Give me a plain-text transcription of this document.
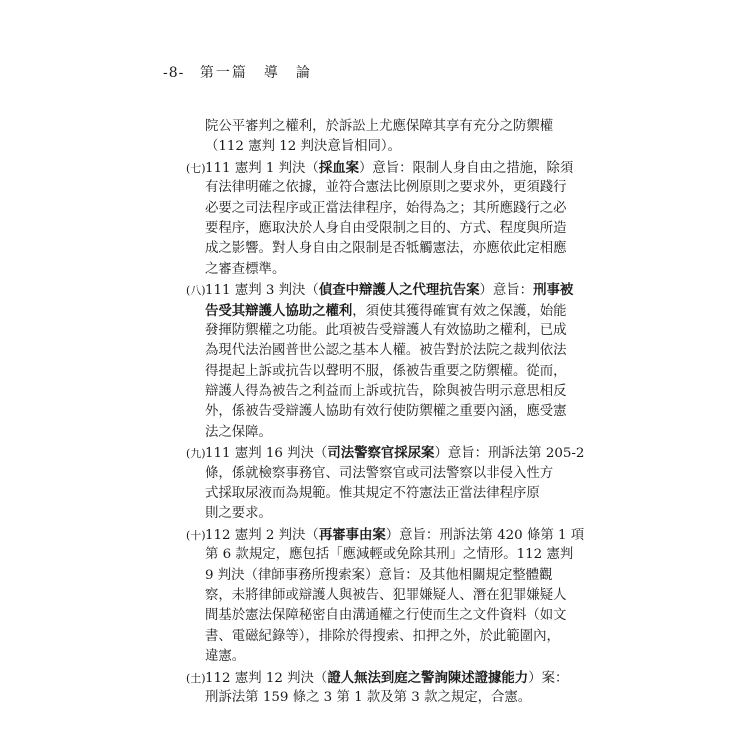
-8- 第一篇　導　論
院公平審判之權利，於訴訟上尤應保障其享有充分之防禦權
（112 憲判 12 判決意旨相同）。
(七)111 憲判 1 判決（採血案）意旨：限制人身自由之措施，除須
有法律明確之依據，並符合憲法比例原則之要求外，更須踐行
必要之司法程序或正當法律程序，始得為之；其所應踐行之必
要程序，應取決於人身自由受限制之目的、方式、程度與所造
成之影響。對人身自由之限制是否牴觸憲法，亦應依此定相應
之審查標準。
(八)111 憲判 3 判決（偵查中辯護人之代理抗告案）意旨：刑事被
告受其辯護人協助之權利，須使其獲得確實有效之保護，始能
發揮防禦權之功能。此項被告受辯護人有效協助之權利，已成
為現代法治國普世公認之基本人權。被告對於法院之裁判依法
得提起上訴或抗告以聲明不服，係被告重要之防禦權。從而，
辯護人得為被告之利益而上訴或抗告，除與被告明示意思相反
外，係被告受辯護人協助有效行使防禦權之重要內涵，應受憲
法之保障。
(九)111 憲判 16 判決（司法警察官採尿案）意旨：刑訴法第 205-2
條，係就檢察事務官、司法警察官或司法警察以非侵入性方
式採取尿液而為規範。惟其規定不符憲法正當法律程序原
則之要求。
(十)112 憲判 2 判決（再審事由案）意旨：刑訴法第 420 條第 1 項
第 6 款規定，應包括「應減輕或免除其刑」之情形。112 憲判
9 判決（律師事務所搜索案）意旨：及其他相關規定整體觀
察，未將律師或辯護人與被告、犯罪嫌疑人、潛在犯罪嫌疑人
間基於憲法保障秘密自由溝通權之行使而生之文件資料（如文
書、電磁紀錄等），排除於得搜索、扣押之外，於此範圍內，
違憲。
(土)112 憲判 12 判決（證人無法到庭之警詢陳述證據能力）案：
刑訴法第 159 條之 3 第 1 款及第 3 款之規定，合憲。
